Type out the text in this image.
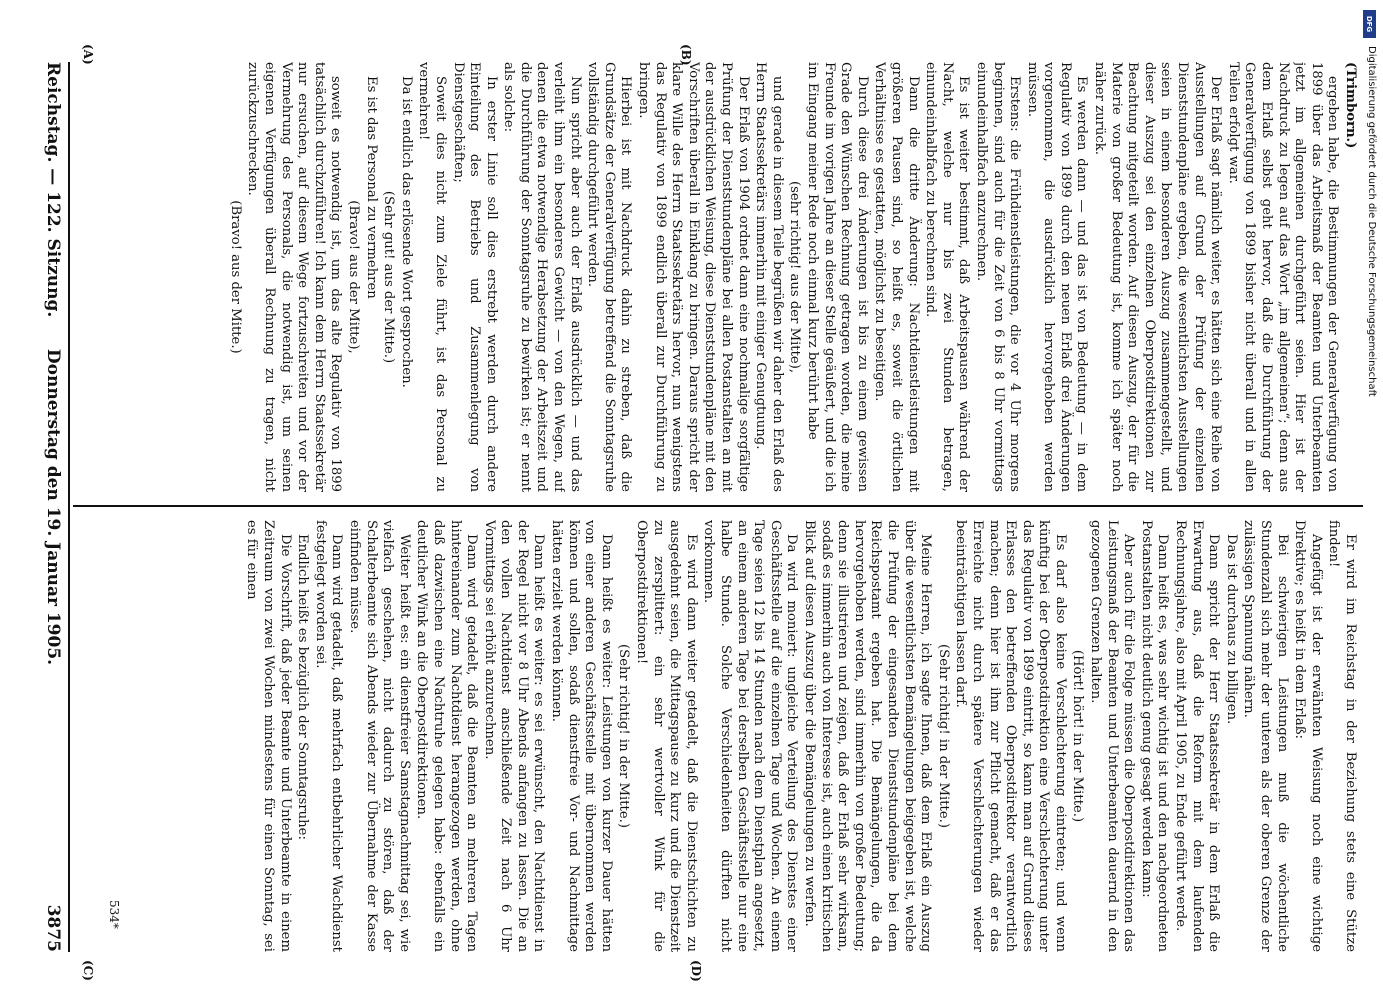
Reichstag. — 122. Sitzung.
Donnerstag den 19. Januar 1905.
3875
(A)	(B)
(C)	(D)

(Trimborn.)

ergeben habe, die Bestimmungen der Generalverfügung von 1899 über das Arbeitsmaß der Beamten und Unterbeamten jetzt im allgemeinen durchgeführt seien. Hier ist der Nachdruck zu legen auf das Wort „im allgemeinen“; denn aus dem Erlaß selbst geht hervor, daß die Durchführung der Generalverfügung von 1899 bisher nicht überall und in allen Teilen erfolgt war.

Der Erlaß sagt nämlich weiter, es hätten sich eine Reihe von Ausstellungen auf Grund der Prüfung der einzelnen Dienststundenpläne ergeben, die wesentlichsten Ausstellungen seien in einem besonderen Auszug zusammengestellt, und dieser Auszug sei den einzelnen Oberpostdirektionen zur Beachtung mitgeteilt worden. Auf diesen Auszug, der für die Materie von großer Bedeutung ist, komme ich später noch näher zurück.

Es werden dann — und das ist von Bedeutung — in dem Regulativ von 1899 durch den neuen Erlaß drei Änderungen vorgenommen, die ausdrücklich hervorgehoben werden müssen.

Erstens: die Frühdienstleistungen, die vor 4 Uhr morgens beginnen, sind auch für die Zeit von 6 bis 8 Uhr vormittags einundeinhalbfach anzurechnen.

Es ist weiter bestimmt, daß Arbeitspausen während der Nacht, welche nur bis zwei Stunden betragen, einundeinhalbfach zu berechnen sind.

Dann die dritte Änderung: Nachtdienstleistungen mit größeren Pausen sind, so heißt es, soweit die örtlichen Verhältnisse es gestatten, möglichst zu beseitigen.

Durch diese drei Änderungen ist bis zu einem gewissen Grade den Wünschen Rechnung getragen worden, die meine Freunde im vorigen Jahre an dieser Stelle geäußert, und die ich im Eingang meiner Rede noch einmal kurz berührt habe

(sehr richtig! aus der Mitte),

und gerade in diesem Teile begrüßen wir daher den Erlaß des Herrn Staatssekretärs immerhin mit einiger Genugtuung.

Der Erlaß von 1904 ordnet dann eine nochmalige sorgfältige Prüfung der Dienststundenpläne bei allen Postanstalten an mit der ausdrücklichen Weisung, diese Dienststundenpläne mit den Vorschriften überall in Einklang zu bringen. Daraus spricht der klare Wille des Herrn Staatssekretärs hervor, nun wenigstens das Regulativ von 1899 endlich überall zur Durchführung zu bringen.

Hierbei ist mit Nachdruck dahin zu streben, daß die Grundsätze der Generalverfügung betreffend die Sonntagsruhe vollständig durchgeführt werden.

Nun spricht aber auch der Erlaß ausdrücklich — und das verleiht ihm ein besonderes Gewicht — von den Wegen, auf denen die etwa notwendige Herabsetzung der Arbeitszeit und die Durchführung der Sonntagsruhe zu bewirken ist; er nennt als solche:

In erster Linie soll dies erstrebt werden durch andere Einteilung des Betriebs und Zusammenlegung von Dienstgeschäften;

Soweit dies nicht zum Ziele führt, ist das Personal zu vermehren!

Da ist endlich das erlösende Wort gesprochen.

(Sehr gut! aus der Mitte.)

Es ist das Personal zu vermehren

(Bravo! aus der Mitte),

soweit es notwendig ist, um das alte Regulativ von 1899 tatsächlich durchzuführen! Ich kann dem Herrn Staatssekretär nur ersuchen, auf diesem Wege fortzuschreiten und vor der Vermehrung des Personals, die notwendig ist, um seinen eigenen Verfügungen überall Rechnung zu tragen, nicht zurückzuschrecken.

(Bravo! aus der Mitte.)

Er wird im Reichstag in der Beziehung stets eine Stütze finden!

Angefügt ist der erwähnten Weisung noch eine wichtige Direktive; es heißt in dem Erlaß:

Bei schwierigen Leistungen muß die wöchentliche Stundenzahl sich mehr der unteren als der oberen Grenze der zulässigen Spannung nähern.

Das ist durchaus zu billigen.

Dann spricht der Herr Staatssekretär in dem Erlaß die Erwartung aus, daß die Reform mit dem laufenden Rechnungsjahre, also mit April 1905, zu Ende geführt werde.

Dann heißt es, was sehr wichtig ist und den nachgeordneten Postanstalten nicht deutlich genug gesagt werden kann:

Aber auch für die Folge müssen die Oberpostdirektionen das Leistungsmaß der Beamten und Unterbeamten dauernd in den gezogenen Grenzen halten.

(Hört! hört! in der Mitte.)

Es darf also keine Verschlechterung eintreten; und wenn künftig bei der Oberpostdirektion eine Verschlechterung unter das Regulativ von 1899 eintritt, so kann man auf Grund dieses Erlasses den betreffenden Oberpostdirektor verantwortlich machen; denn hier ist ihm zur Pflicht gemacht, daß er das Erreichte nicht durch spätere Verschlechterungen wieder beeinträchtigen lassen darf.

(Sehr richtig! in der Mitte.)

Meine Herren, ich sagte Ihnen, daß dem Erlaß ein Auszug über die wesentlichsten Bemängelungen beigegeben ist, welche die Prüfung der eingesandten Dienststundenpläne bei dem Reichspostamt ergeben hat. Die Bemängelungen, die da hervorgehoben werden, sind immerhin von großer Bedeutung; denn sie illustrieren und zeigen, daß der Erlaß sehr wirksam, sodaß es immerhin auch von Interesse ist, auch einen kritischen Blick auf diesen Auszug über die Bemängelungen zu werfen.

Da wird moniert: ungleiche Verteilung des Dienstes einer Geschäftsstelle auf die einzelnen Tage und Wochen. An einem Tage seien 12 bis 14 Stunden nach dem Dienstplan angesetzt, an einem anderen Tage bei derselben Geschäftsstelle nur eine halbe Stunde. Solche Verschiedenheiten dürften nicht vorkommen.

Es wird dann weiter getadelt, daß die Dienstschichten zu ausgedehnt seien, die Mittagspause zu kurz und die Dienstzeit zu zersplittert: ein sehr wertvoller Wink für die Oberpostdirektionen!

(Sehr richtig! in der Mitte.)

Dann heißt es weiter: Leistungen von kurzer Dauer hätten von einer anderen Geschäftsstelle mit übernommen werden können und sollen, sodaß dienstfreie Vor- und Nachmittage hätten erzielt werden können.

Dann heißt es weiter: es sei erwünscht, den Nachtdienst in der Regel nicht vor 8 Uhr Abends anfangen zu lassen. Die an den vollen Nachtdienst anschließende Zeit nach 6 Uhr Vormittags sei erhöht anzurechnen.

Dann wird getadelt, daß die Beamten an mehreren Tagen hintereinander zum Nachtdienst herangezogen werden, ohne daß dazwischen eine Nachtruhe gelegen habe: ebenfalls ein deutlicher Wink an die Oberpostdirektionen.

Weiter heißt es: ein dienstfreier Samstagnachmittag sei, wie vielfach geschehen, nicht dadurch zu stören, daß der Schalterbeamte sich Abends wieder zur Übernahme der Kasse einfinden müsse.

Dann wird getadelt, daß mehrfach entbehrlicher Wachdienst festgelegt worden sei.

Endlich heißt es bezüglich der Sonntagsruhe:

Die Vorschrift, daß jeder Beamte und Unterbeamte in einem Zeitraum von zwei Wochen mindestens für einen Sonntag, sei es für einen

534*
DFG
Digitalisierung gefördert durch die Deutsche Forschungsgemeinschaft
